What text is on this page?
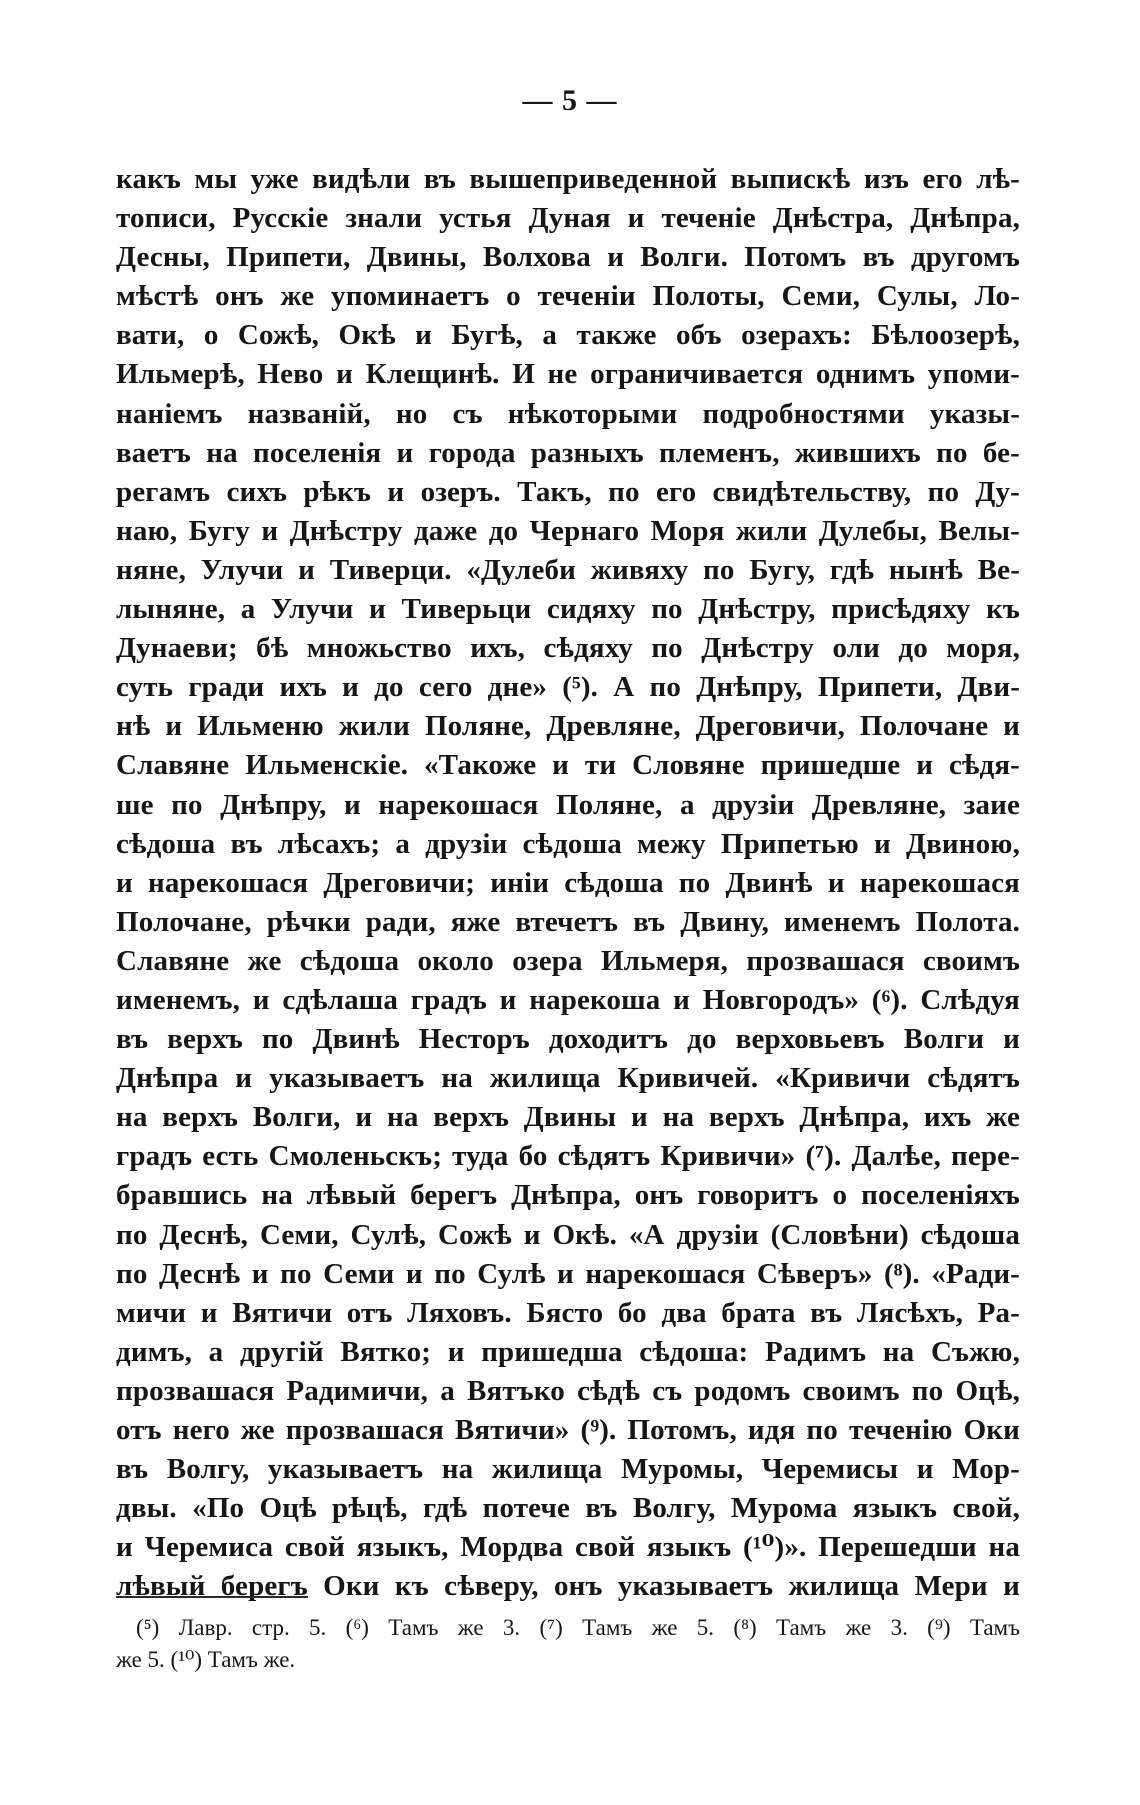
— 5 —
какъ мы уже видѣли въ вышеприведенной выпискѣ изъ его лѣ-
тописи, Русскіе знали устья Дуная и теченіе Днѣстра, Днѣпра,
Десны, Припети, Двины, Волхова и Волги. Потомъ въ другомъ
мѣстѣ онъ же упоминаетъ о теченіи Полоты, Семи, Сулы, Ло-
вати, о Сожѣ, Окѣ и Бугѣ, а также объ озерахъ: Бѣлоозерѣ,
Ильмерѣ, Нево и Клещинѣ. И не ограничивается однимъ упоми-
наніемъ названій, но съ нѣкоторыми подробностями указы-
ваетъ на поселенія и города разныхъ племенъ, жившихъ по бе-
регамъ сихъ рѣкъ и озеръ. Такъ, по его свидѣтельству, по Ду-
наю, Бугу и Днѣстру даже до Чернаго Моря жили Дулебы, Велы-
няне, Улучи и Тиверци. «Дулеби живяху по Бугу, гдѣ нынѣ Ве-
лыняне, а Улучи и Тиверьци сидяху по Днѣстру, присѣдяху къ
Дунаеви; бѣ множьство ихъ, сѣдяху по Днѣстру оли до моря,
суть гради ихъ и до сего дне» (⁵). А по Днѣпру, Припети, Дви-
нѣ и Ильменю жили Поляне, Древляне, Дреговичи, Полочане и
Славяне Ильменскіе. «Такоже и ти Словяне пришедше и сѣдя-
ше по Днѣпру, и нарекошася Поляне, а друзіи Древляне, заие
сѣдоша въ лѣсахъ; а друзіи сѣдоша межу Припетью и Двиною,
и нарекошася Дреговичи; иніи сѣдоша по Двинѣ и нарекошася
Полочане, рѣчки ради, яже втечетъ въ Двину, именемъ Полота.
Славяне же сѣдоша около озера Ильмеря, прозвашася своимъ
именемъ, и сдѣлаша градъ и нарекоша и Новгородъ» (⁶). Слѣдуя
въ верхъ по Двинѣ Несторъ доходитъ до верховьевъ Волги и
Днѣпра и указываетъ на жилища Кривичей. «Кривичи сѣдятъ
на верхъ Волги, и на верхъ Двины и на верхъ Днѣпра, ихъ же
градъ есть Смоленьскъ; туда бо сѣдятъ Кривичи» (⁷). Далѣе, пере-
бравшись на лѣвый берегъ Днѣпра, онъ говоритъ о поселеніяхъ
по Деснѣ, Семи, Сулѣ, Сожѣ и Окѣ. «А друзіи (Словѣни) сѣдоша
по Деснѣ и по Семи и по Сулѣ и нарекошася Сѣверъ» (⁸). «Ради-
мичи и Вятичи отъ Ляховъ. Бясто бо два брата въ Лясѣхъ, Ра-
димъ, а другій Вятко; и пришедша сѣдоша: Радимъ на Съжю,
прозвашася Радимичи, а Вятъко сѣдѣ съ родомъ своимъ по Оцѣ,
отъ него же прозвашася Вятичи» (⁹). Потомъ, идя по теченію Оки
въ Волгу, указываетъ на жилища Муромы, Черемисы и Мор-
двы. «По Оцѣ рѣцѣ, гдѣ потече въ Волгу, Мурома языкъ свой,
и Черемиса свой языкъ, Мордва свой языкъ (¹⁰)». Перешедши на
лѣвый берегъ Оки къ сѣверу, онъ указываетъ жилища Мери и
(⁵) Лавр. стр. 5. (⁶) Тамъ же 3. (⁷) Тамъ же 5. (⁸) Тамъ же 3. (⁹) Тамъ
же 5. (¹⁰) Тамъ же.
